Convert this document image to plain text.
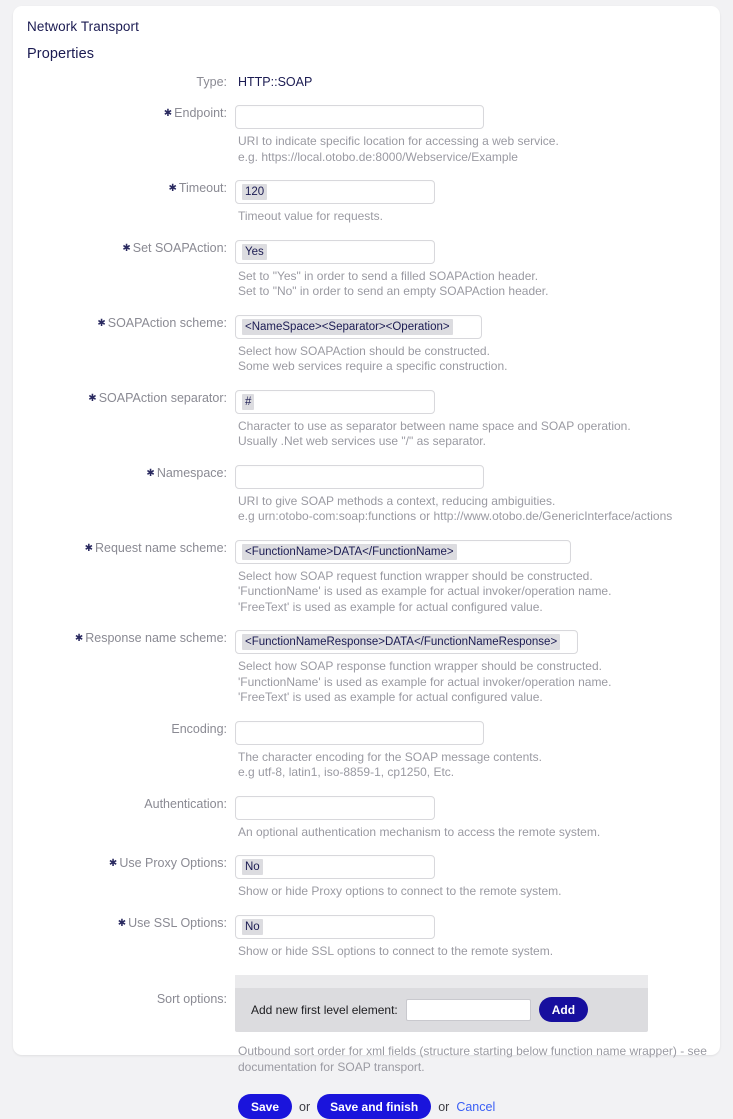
Network Transport
Properties
Type: HTTP::SOAP
✱ Endpoint:
URI to indicate specific location for accessing a web service.
e.g. https://local.otobo.de:8000/Webservice/Example
✱ Timeout:	120
Timeout value for requests.
✱ Set SOAPAction:	Yes
Set to "Yes" in order to send a filled SOAPAction header.
Set to "No" in order to send an empty SOAPAction header.
✱ SOAPAction scheme:	<NameSpace><Separator><Operation>
Select how SOAPAction should be constructed.
Some web services require a specific construction.
✱ SOAPAction separator:	#
Character to use as separator between name space and SOAP operation.
Usually .Net web services use "/" as separator.
✱ Namespace:
URI to give SOAP methods a context, reducing ambiguities.
e.g urn:otobo-com:soap:functions or http://www.otobo.de/GenericInterface/actions
✱ Request name scheme:	<FunctionName>DATA</FunctionName>
Select how SOAP request function wrapper should be constructed.
'FunctionName' is used as example for actual invoker/operation name.
'FreeText' is used as example for actual configured value.
✱ Response name scheme:	<FunctionNameResponse>DATA</FunctionNameResponse>
Select how SOAP response function wrapper should be constructed.
'FunctionName' is used as example for actual invoker/operation name.
'FreeText' is used as example for actual configured value.
Encoding:
The character encoding for the SOAP message contents.
e.g utf-8, latin1, iso-8859-1, cp1250, Etc.
Authentication:
An optional authentication mechanism to access the remote system.
✱ Use Proxy Options:	No
Show or hide Proxy options to connect to the remote system.
✱ Use SSL Options:	No
Show or hide SSL options to connect to the remote system.
Sort options:
Add new first level element:	Add
Outbound sort order for xml fields (structure starting below function name wrapper) - see
documentation for SOAP transport.
Save	or	Save and finish	or Cancel
